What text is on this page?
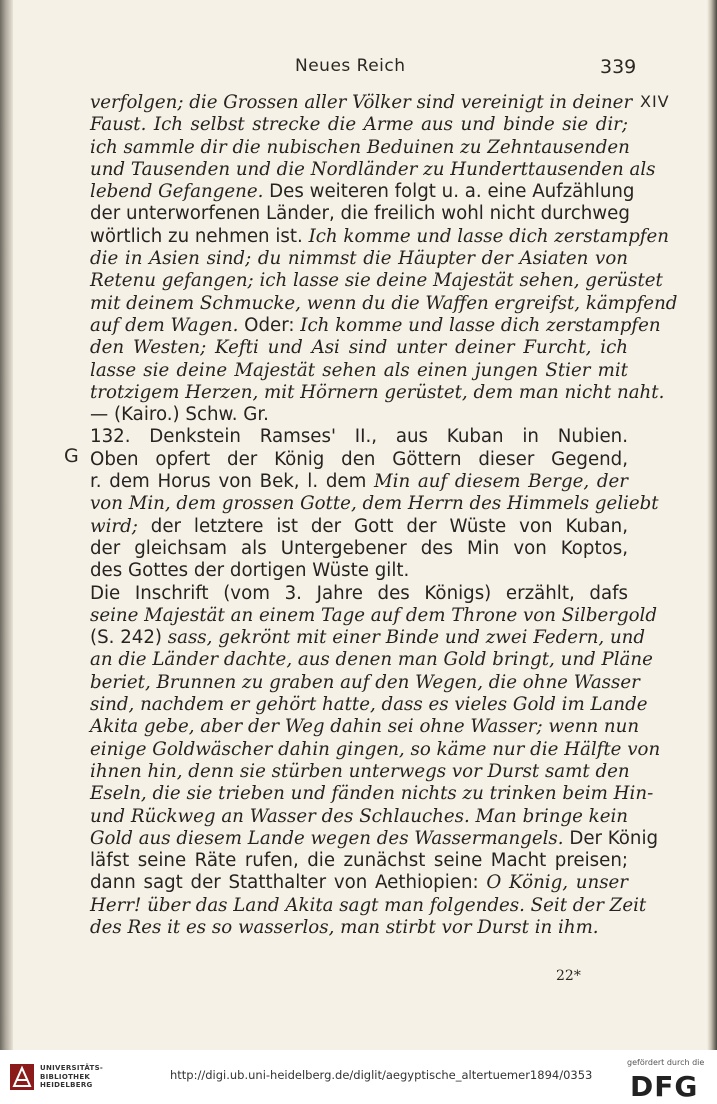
Neues Reich	339
XIV
G
verfolgen; die Grossen aller Völker sind vereinigt in deiner
Faust. Ich selbst strecke die Arme aus und binde sie dir;
ich sammle dir die nubischen Beduinen zu Zehntausenden
und Tausenden und die Nordländer zu Hunderttausenden als
lebend Gefangene. Des weiteren folgt u. a. eine Aufzählung
der unterworfenen Länder, die freilich wohl nicht durchweg
wörtlich zu nehmen ist. Ich komme und lasse dich zerstampfen
die in Asien sind; du nimmst die Häupter der Asiaten von
Retenu gefangen; ich lasse sie deine Majestät sehen, gerüstet
mit deinem Schmucke, wenn du die Waffen ergreifst, kämpfend
auf dem Wagen. Oder: Ich komme und lasse dich zerstampfen
den Westen; Kefti und Asi sind unter deiner Furcht, ich
lasse sie deine Majestät sehen als einen jungen Stier mit
trotzigem Herzen, mit Hörnern gerüstet, dem man nicht naht.
— (Kairo.) Schw. Gr.
132. Denkstein Ramses' II., aus Kuban in Nubien.
Oben opfert der König den Göttern dieser Gegend,
r. dem Horus von Bek, l. dem Min auf diesem Berge, der
von Min, dem grossen Gotte, dem Herrn des Himmels geliebt
wird; der letztere ist der Gott der Wüste von Kuban,
der gleichsam als Untergebener des Min von Koptos,
des Gottes der dortigen Wüste gilt.
Die Inschrift (vom 3. Jahre des Königs) erzählt, dafs
seine Majestät an einem Tage auf dem Throne von Silbergold
(S. 242) sass, gekrönt mit einer Binde und zwei Federn, und
an die Länder dachte, aus denen man Gold bringt, und Pläne
beriet, Brunnen zu graben auf den Wegen, die ohne Wasser
sind, nachdem er gehört hatte, dass es vieles Gold im Lande
Akita gebe, aber der Weg dahin sei ohne Wasser; wenn nun
einige Goldwäscher dahin gingen, so käme nur die Hälfte von
ihnen hin, denn sie stürben unterwegs vor Durst samt den
Eseln, die sie trieben und fänden nichts zu trinken beim Hin-
und Rückweg an Wasser des Schlauches. Man bringe kein
Gold aus diesem Lande wegen des Wassermangels. Der König
läfst seine Räte rufen, die zunächst seine Macht preisen;
dann sagt der Statthalter von Aethiopien: O König, unser
Herr! über das Land Akita sagt man folgendes. Seit der Zeit
des Res it es so wasserlos, man stirbt vor Durst in ihm.
22*
UNIVERSITÄTS-
BIBLIOTHEK
HEIDELBERG
http://digi.ub.uni-heidelberg.de/diglit/aegyptische_altertuemer1894/0353
gefördert durch die
DFG
